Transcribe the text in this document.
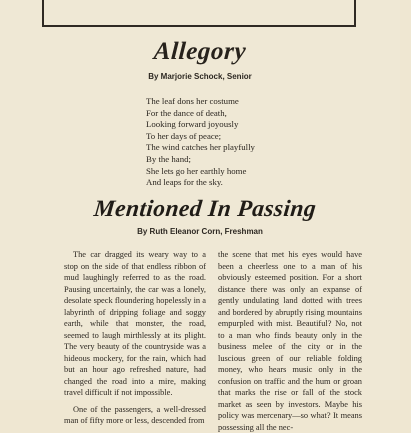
Allegory
By Marjorie Schock, Senior
The leaf dons her costume
For the dance of death,
Looking forward joyously
To her days of peace;
The wind catches her playfully
By the hand;
She lets go her earthly home
And leaps for the sky.
Mentioned In Passing
By Ruth Eleanor Corn, Freshman

The car dragged its weary way to a stop on the side of that endless ribbon of mud laughingly referred to as the road. Pausing uncertainly, the car was a lonely, desolate speck floundering hopelessly in a labyrinth of dripping foliage and soggy earth, while that monster, the road, seemed to laugh mirthlessly at its plight. The very beauty of the countryside was a hideous mockery, for the rain, which had but an hour ago refreshed nature, had changed the road into a mire, making travel difficult if not impossible.

One of the passengers, a well-dressed man of fifty more or less, descended from

the scene that met his eyes would have been a cheerless one to a man of his obviously esteemed position. For a short distance there was only an expanse of gently undulating land dotted with trees and bordered by abruptly rising mountains empurpled with mist. Beautiful? No, not to a man who finds beauty only in the business melee of the city or in the luscious green of our reliable folding money, who hears music only in the confusion on traffic and the hum or groan that marks the rise or fall of the stock market as seen by investors. Maybe his policy was mercenary—so what? It means possessing all the nec-
